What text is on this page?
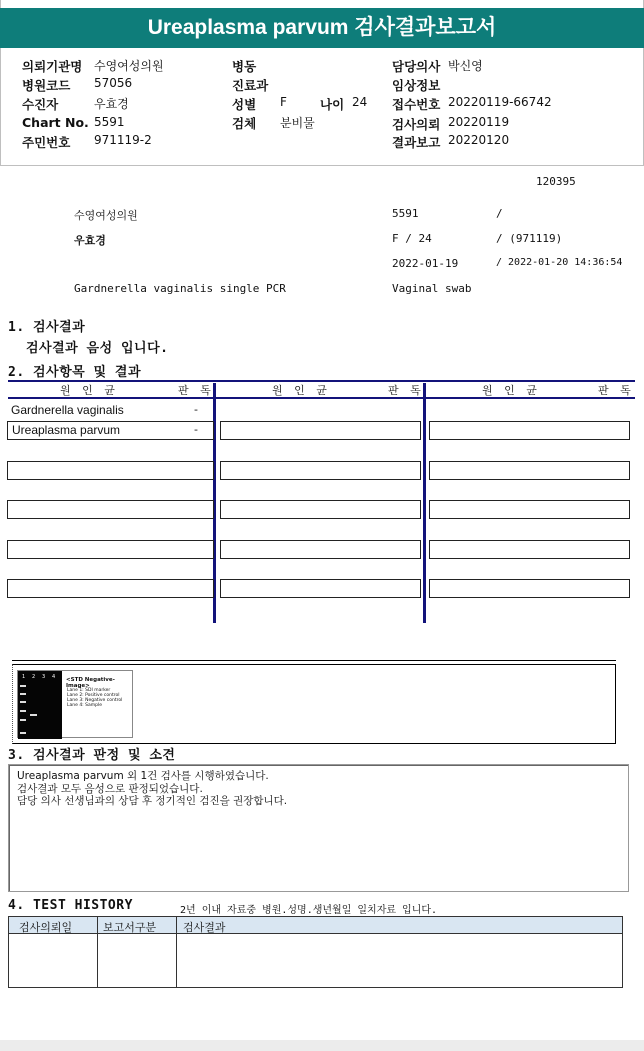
Ureaplasma parvum 검사결과보고서
의뢰기관명 수영여성의원
병원코드 57056
수진자	우효경
Chart No. 5591
주민번호 971119-2
병동
진료과
성별 F	나이 24
검체 분비물
담당의사 박신영
임상정보
접수번호 20220119-66742
검사의뢰 20220119
결과보고 20220120
120395
수영여성의원	5591	/
우효경	F / 24	/ (971119)
2022-01-19	/ 2022-01-20 14:36:54
Gardnerella vaginalis single PCR	Vaginal swab
1. 검사결과
검사결과 음성 입니다.
2. 검사항목 및 결과
원 인 균	판 독	원 인 균	판 독	원 인 균	판 독
Gardnerella vaginalis	-
Ureaplasma parvum	-
1 2 3 4 <STD Negative-Image>
Lane 1: SDI marker
Lane 2: Positive control
Lane 3: Negative control
Lane 4: Sample
3. 검사결과 판정 및 소견
Ureaplasma parvum 외 1건 검사를 시행하였습니다.
검사결과 모두 음성으로 판정되었습니다.
담당 의사 선생님과의 상담 후 정기적인 검진을 권장합니다.
4. TEST HISTORY	2년 이내 자료중 병원.성명.생년월일 일치자료 입니다.
검사의뢰일	보고서구분 검사결과
